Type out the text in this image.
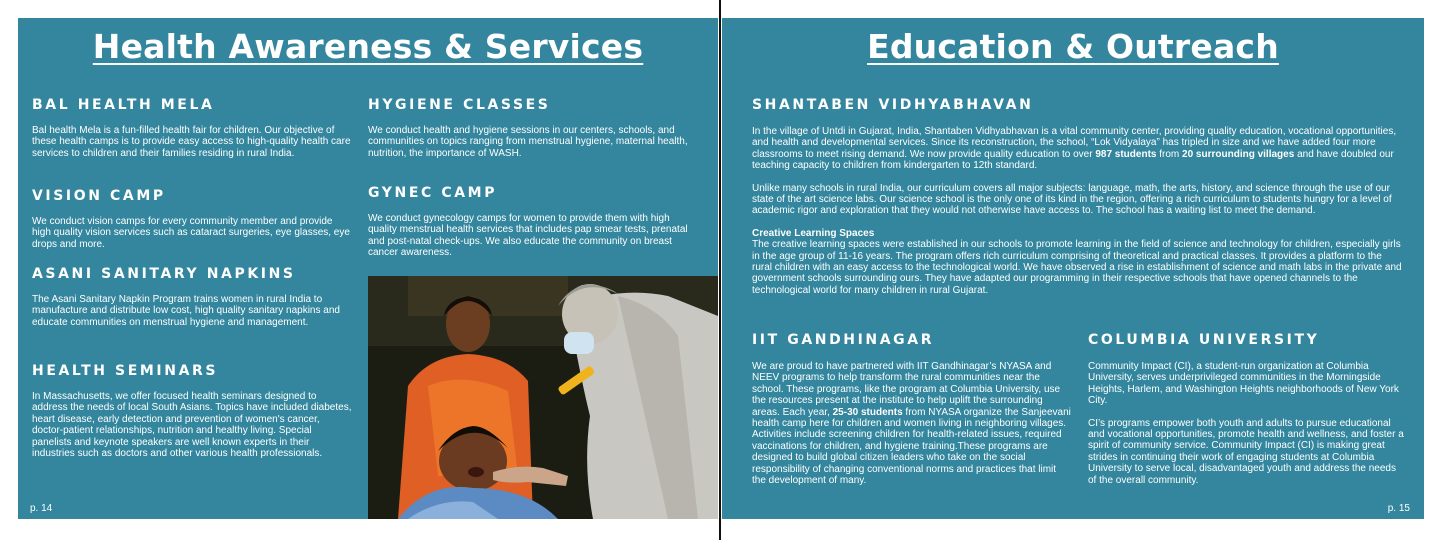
Health Awareness & Services
BAL HEALTH MELA

Bal health Mela is a fun-filled health fair for children. Our objective of these health camps is to provide easy access to high-quality health care services to children and their families residing in rural India.

VISION CAMP

We conduct vision camps for every community member and provide high quality vision services such as cataract surgeries, eye glasses, eye drops and more.

ASANI SANITARY NAPKINS

The Asani Sanitary Napkin Program trains women in rural India to manufacture and distribute low cost, high quality sanitary napkins and educate communities on menstrual hygiene and management.

HEALTH SEMINARS

In Massachusetts, we offer focused health seminars designed to address the needs of local South Asians. Topics have included diabetes, heart disease, early detection and prevention of women's cancer, doctor-patient relationships, nutrition and healthy living. Special panelists and keynote speakers are well known experts in their industries such as doctors and other various health professionals.

HYGIENE CLASSES

We conduct health and hygiene sessions in our centers, schools, and communities on topics ranging from menstrual hygiene, maternal health, nutrition, the importance of WASH.

GYNEC CAMP

We conduct gynecology camps for women to provide them with high quality menstrual health services that includes pap smear tests, prenatal and post-natal check-ups. We also educate the community on breast cancer awareness.

p. 14
Education & Outreach
SHANTABEN VIDHYABHAVAN

In the village of Untdi in Gujarat, India, Shantaben Vidhyabhavan is a vital community center, providing quality education, vocational opportunities, and health and developmental services. Since its reconstruction, the school, “Lok Vidyalaya” has tripled in size and we have added four more classrooms to meet rising demand. We now provide quality education to over 987 students from 20 surrounding villages and have doubled our teaching capacity to children from kindergarten to 12th standard.

Unlike many schools in rural India, our curriculum covers all major subjects: language, math, the arts, history, and science through the use of our state of the art science labs. Our science school is the only one of its kind in the region, offering a rich curriculum to students hungry for a level of academic rigor and exploration that they would not otherwise have access to. The school has a waiting list to meet the demand.

Creative Learning Spaces

The creative learning spaces were established in our schools to promote learning in the field of science and technology for children, especially girls in the age group of 11-16 years. The program offers rich curriculum comprising of theoretical and practical classes. It provides a platform to the rural children with an easy access to the technological world. We have observed a rise in establishment of science and math labs in the private and government schools surrounding ours. They have adapted our programming in their respective schools that have opened channels to the technological world for many children in rural Gujarat.

IIT GANDHINAGAR

We are proud to have partnered with IIT Gandhinagar’s NYASA and NEEV programs to help transform the rural communities near the school. These programs, like the program at Columbia University, use the resources present at the institute to help uplift the surrounding areas. Each year, 25-30 students from NYASA organize the Sanjeevani health camp here for children and women living in neighboring villages. Activities include screening children for health-related issues, required vaccinations for children, and hygiene training.These programs are designed to build global citizen leaders who take on the social responsibility of changing conventional norms and practices that limit the development of many.

COLUMBIA UNIVERSITY

Community Impact (CI), a student-run organization at Columbia University, serves underprivileged communities in the Morningside Heights, Harlem, and Washington Heights neighborhoods of New York City.

CI’s programs empower both youth and adults to pursue educational and vocational opportunities, promote health and wellness, and foster a spirit of community service. Community Impact (CI) is making great strides in continuing their work of engaging students at Columbia University to serve local, disadvantaged youth and address the needs of the overall community.

p. 15
